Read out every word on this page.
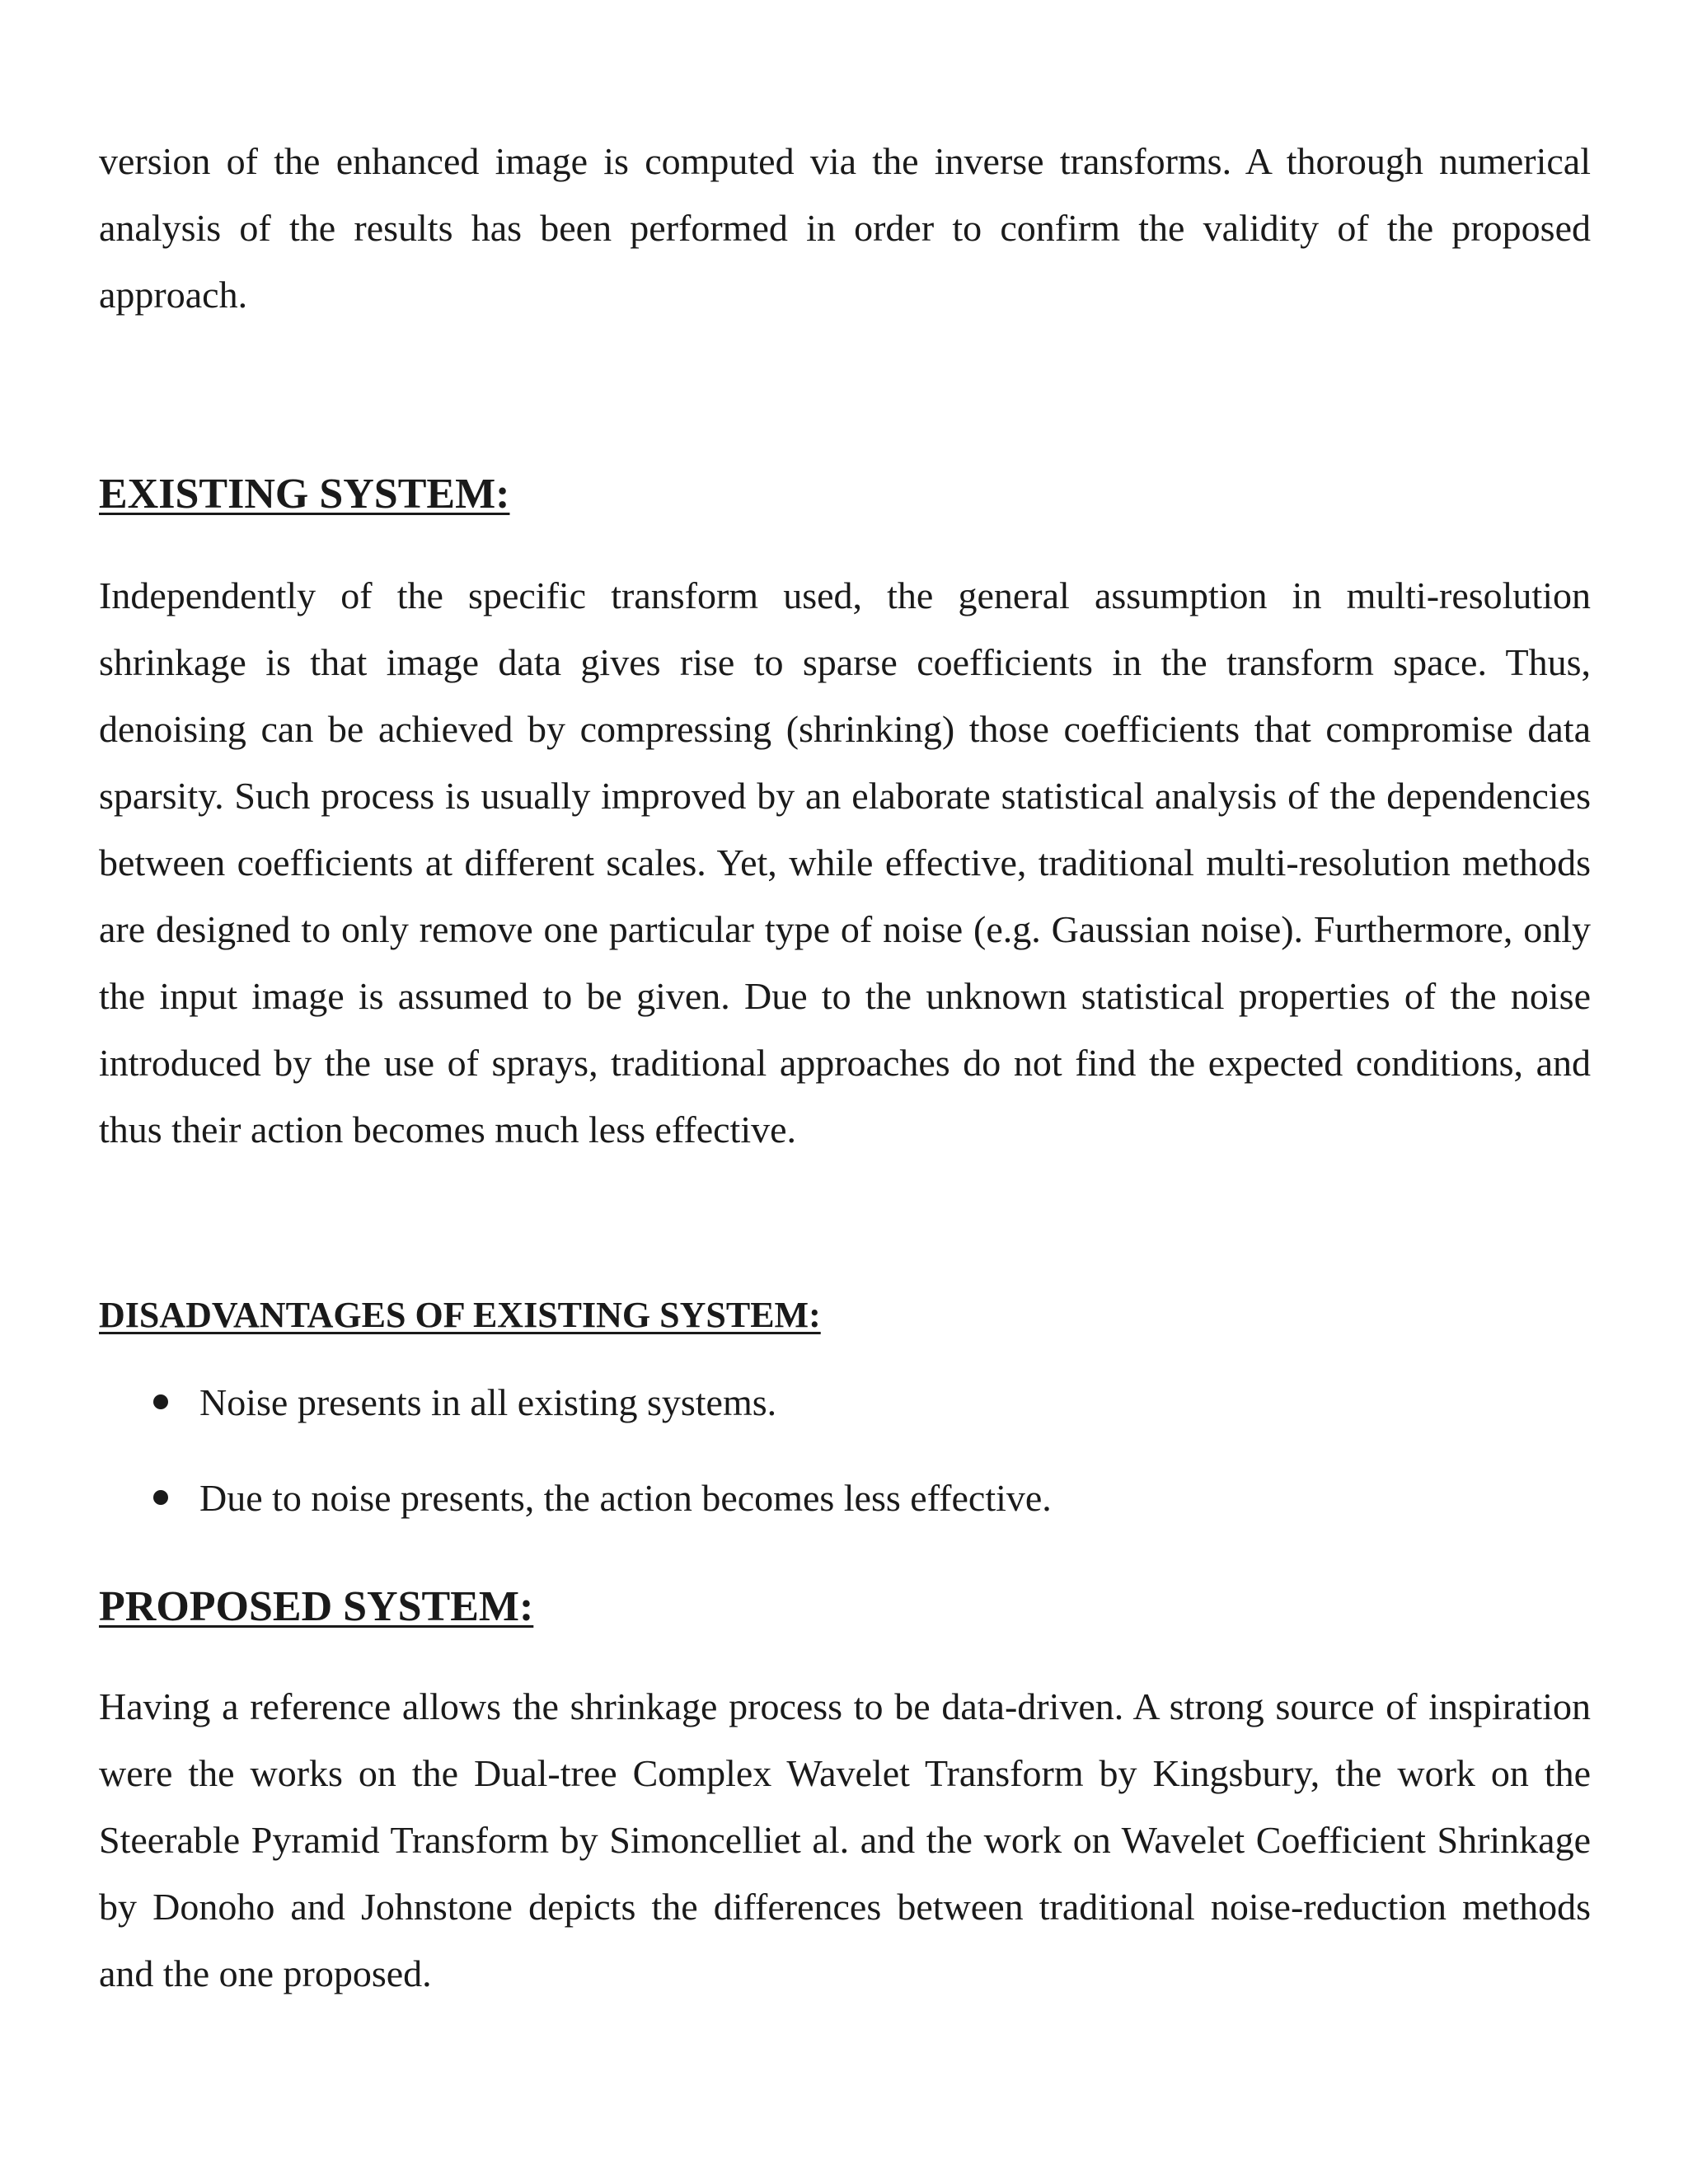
version of the enhanced image is computed via the inverse transforms. A thorough numerical analysis of the results has been performed in order to confirm the validity of the proposed approach.

EXISTING SYSTEM:

Independently of the specific transform used, the general assumption in multi-resolution shrinkage is that image data gives rise to sparse coefficients in the transform space. Thus, denoising can be achieved by compressing (shrinking) those coefficients that compromise data sparsity. Such process is usually improved by an elaborate statistical analysis of the dependencies between coefficients at different scales. Yet, while effective, traditional multi-resolution methods are designed to only remove one particular type of noise (e.g. Gaussian noise). Furthermore, only the input image is assumed to be given. Due to the unknown statistical properties of the noise introduced by the use of sprays, traditional approaches do not find the expected conditions, and thus their action becomes much less effective.

DISADVANTAGES OF EXISTING SYSTEM:
Noise presents in all existing systems.
Due to noise presents, the action becomes less effective.
PROPOSED SYSTEM:

Having a reference allows the shrinkage process to be data-driven. A strong source of inspiration were the works on the Dual-tree Complex Wavelet Transform by Kingsbury, the work on the Steerable Pyramid Transform by Simoncelliet al. and the work on Wavelet Coefficient Shrinkage by Donoho and Johnstone depicts the differences between traditional noise-reduction methods and the one proposed.
